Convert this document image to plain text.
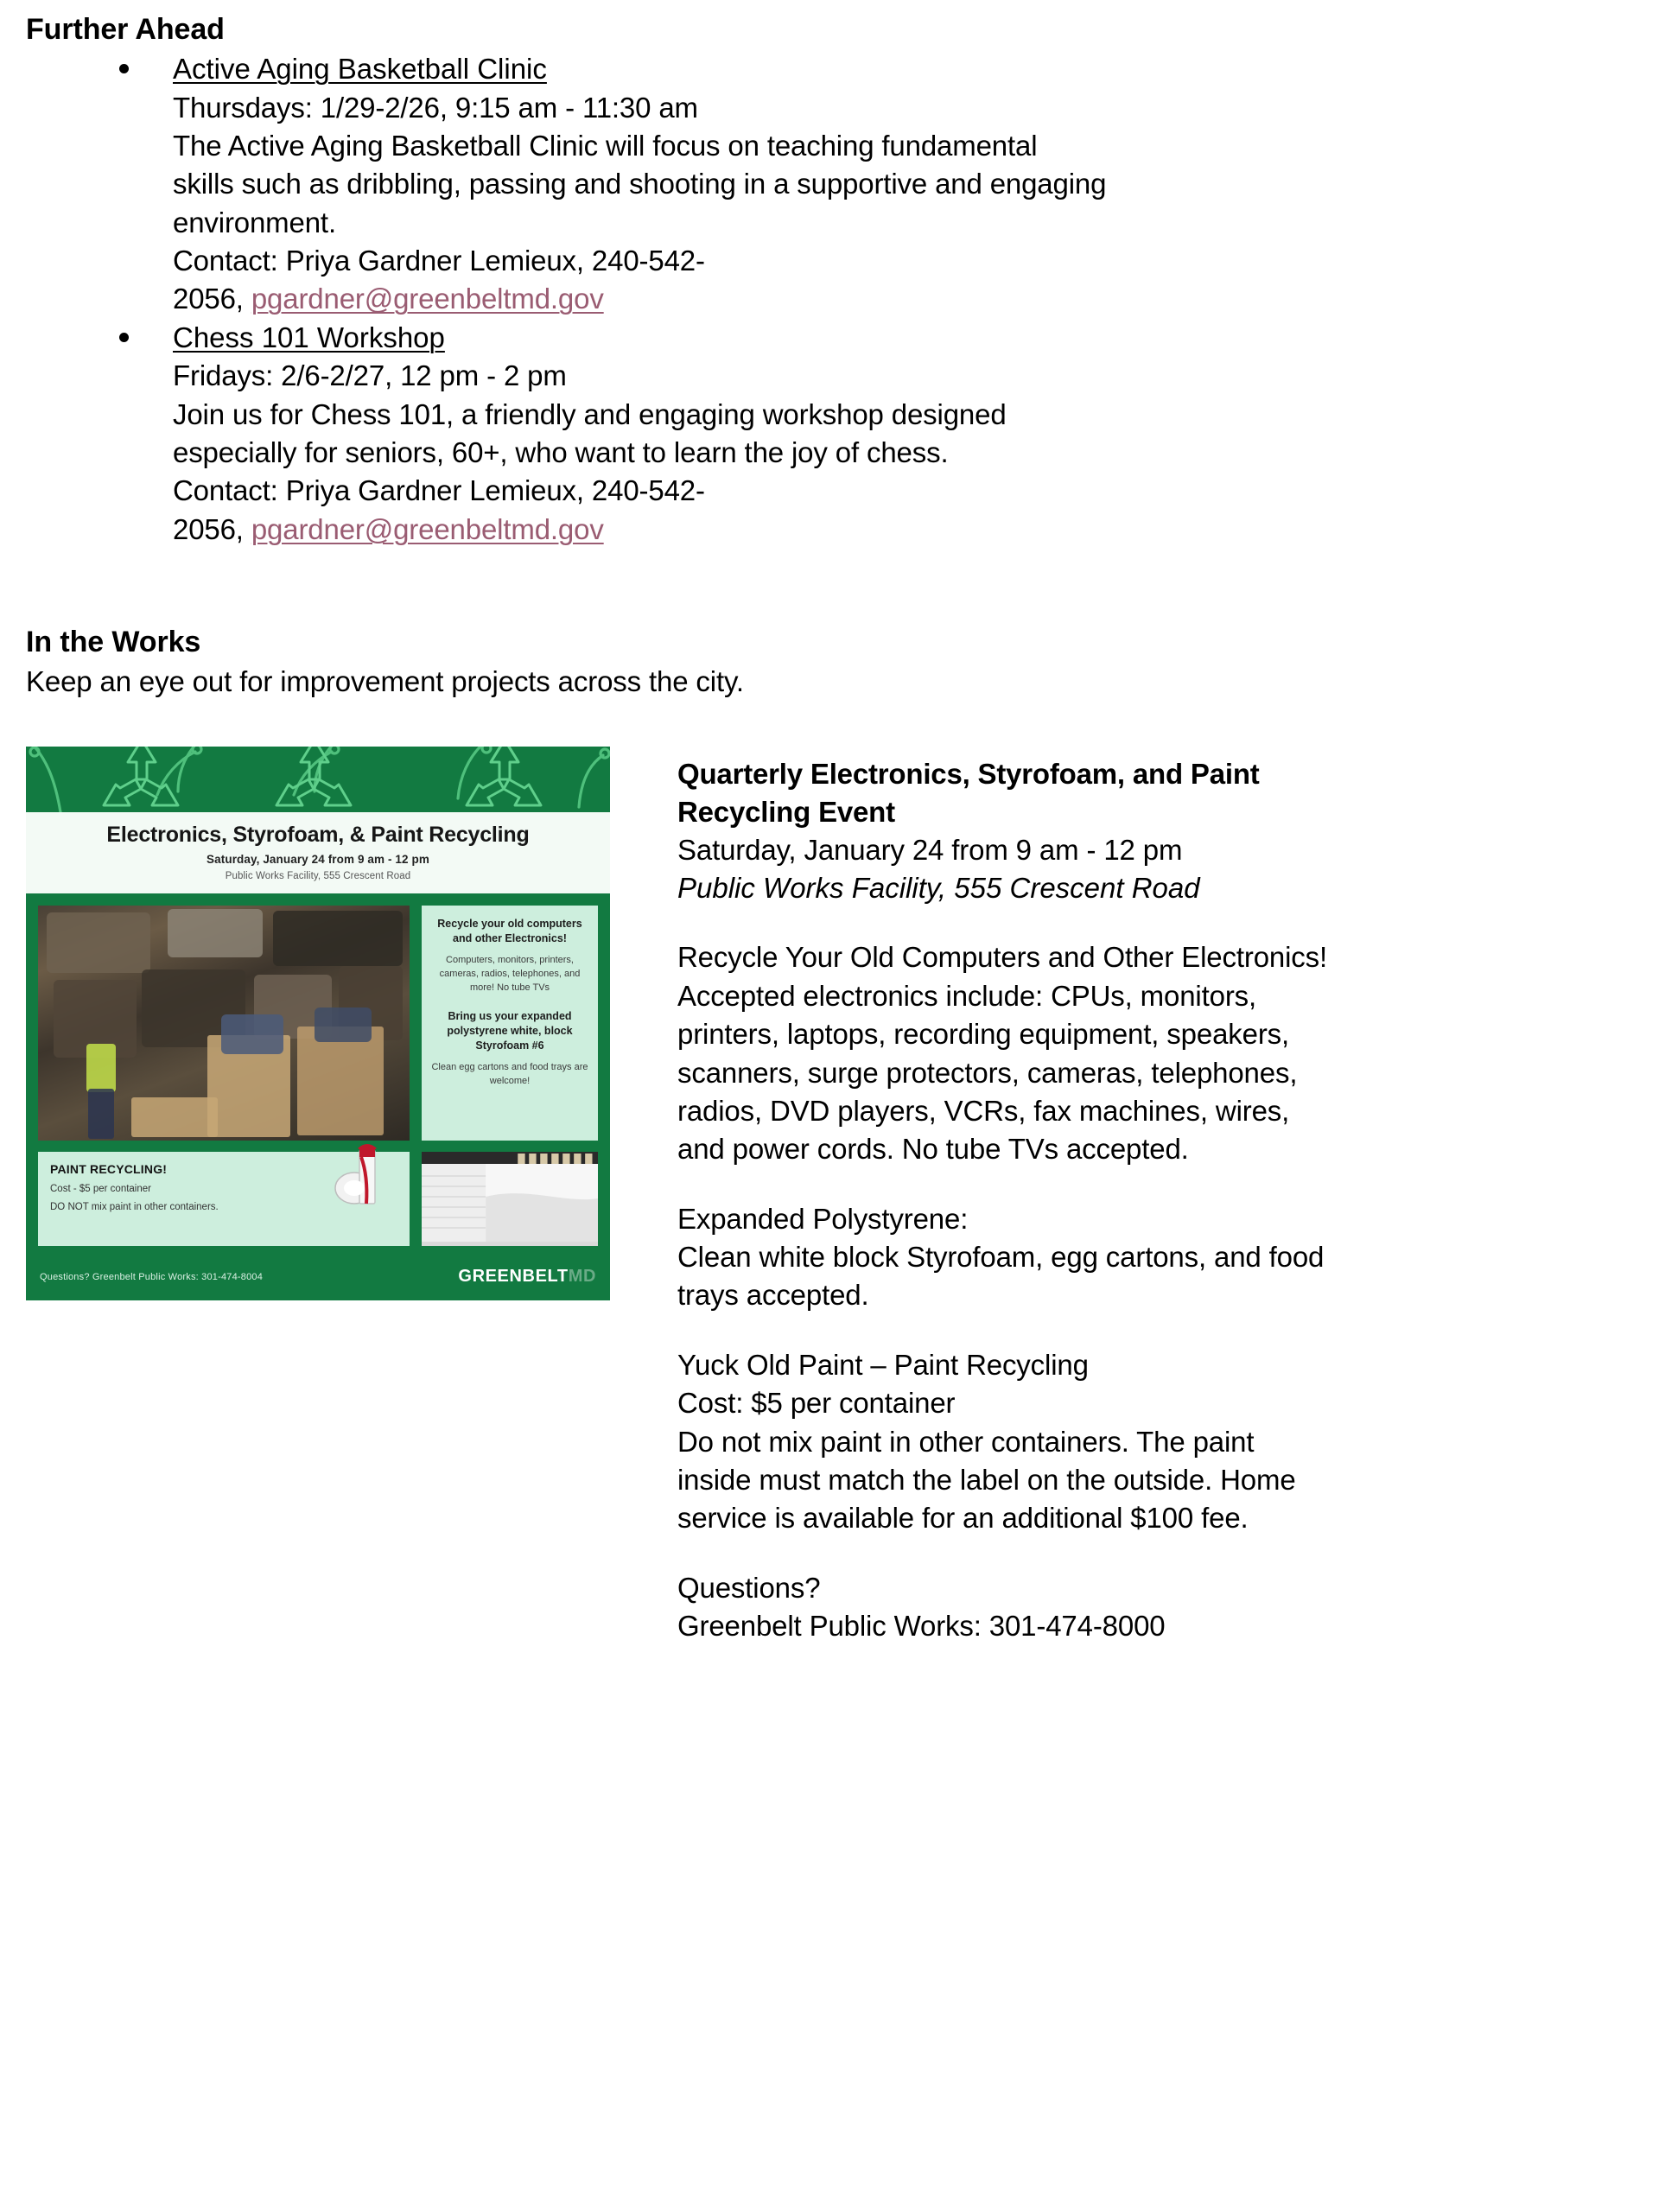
Further Ahead
Active Aging Basketball Clinic
Thursdays: 1/29-2/26, 9:15 am - 11:30 am
The Active Aging Basketball Clinic will focus on teaching fundamental
skills such as dribbling, passing and shooting in a supportive and engaging
environment.
Contact: Priya Gardner Lemieux, 240-542-
2056, pgardner@greenbeltmd.gov
Chess 101 Workshop
Fridays: 2/6-2/27, 12 pm - 2 pm
Join us for Chess 101, a friendly and engaging workshop designed
especially for seniors, 60+, who want to learn the joy of chess.
Contact: Priya Gardner Lemieux, 240-542-
2056, pgardner@greenbeltmd.gov
In the Works

Keep an eye out for improvement projects across the city.

Electronics, Styrofoam, & Paint Recycling
Saturday, January 24 from 9 am - 12 pm
Public Works Facility, 555 Crescent Road
Recycle your old computers and other Electronics!
Computers, monitors, printers, cameras, radios, telephones, and more! No tube TVs
Bring us your expanded polystyrene white, block Styrofoam #6
Clean egg cartons and food trays are welcome!
PAINT RECYCLING!
Cost - $5 per container
DO NOT mix paint in other containers.
Questions? Greenbelt Public Works: 301-474-8004	GREENBELTMD
Quarterly Electronics, Styrofoam, and Paint
Recycling Event
Saturday, January 24 from 9 am - 12 pm
Public Works Facility, 555 Crescent Road
Recycle Your Old Computers and Other Electronics!
Accepted electronics include: CPUs, monitors,
printers, laptops, recording equipment, speakers,
scanners, surge protectors, cameras, telephones,
radios, DVD players, VCRs, fax machines, wires,
and power cords. No tube TVs accepted.
Expanded Polystyrene:
Clean white block Styrofoam, egg cartons, and food
trays accepted.
Yuck Old Paint – Paint Recycling
Cost: $5 per container
Do not mix paint in other containers. The paint
inside must match the label on the outside. Home
service is available for an additional $100 fee.
Questions?
Greenbelt Public Works: 301-474-8000
